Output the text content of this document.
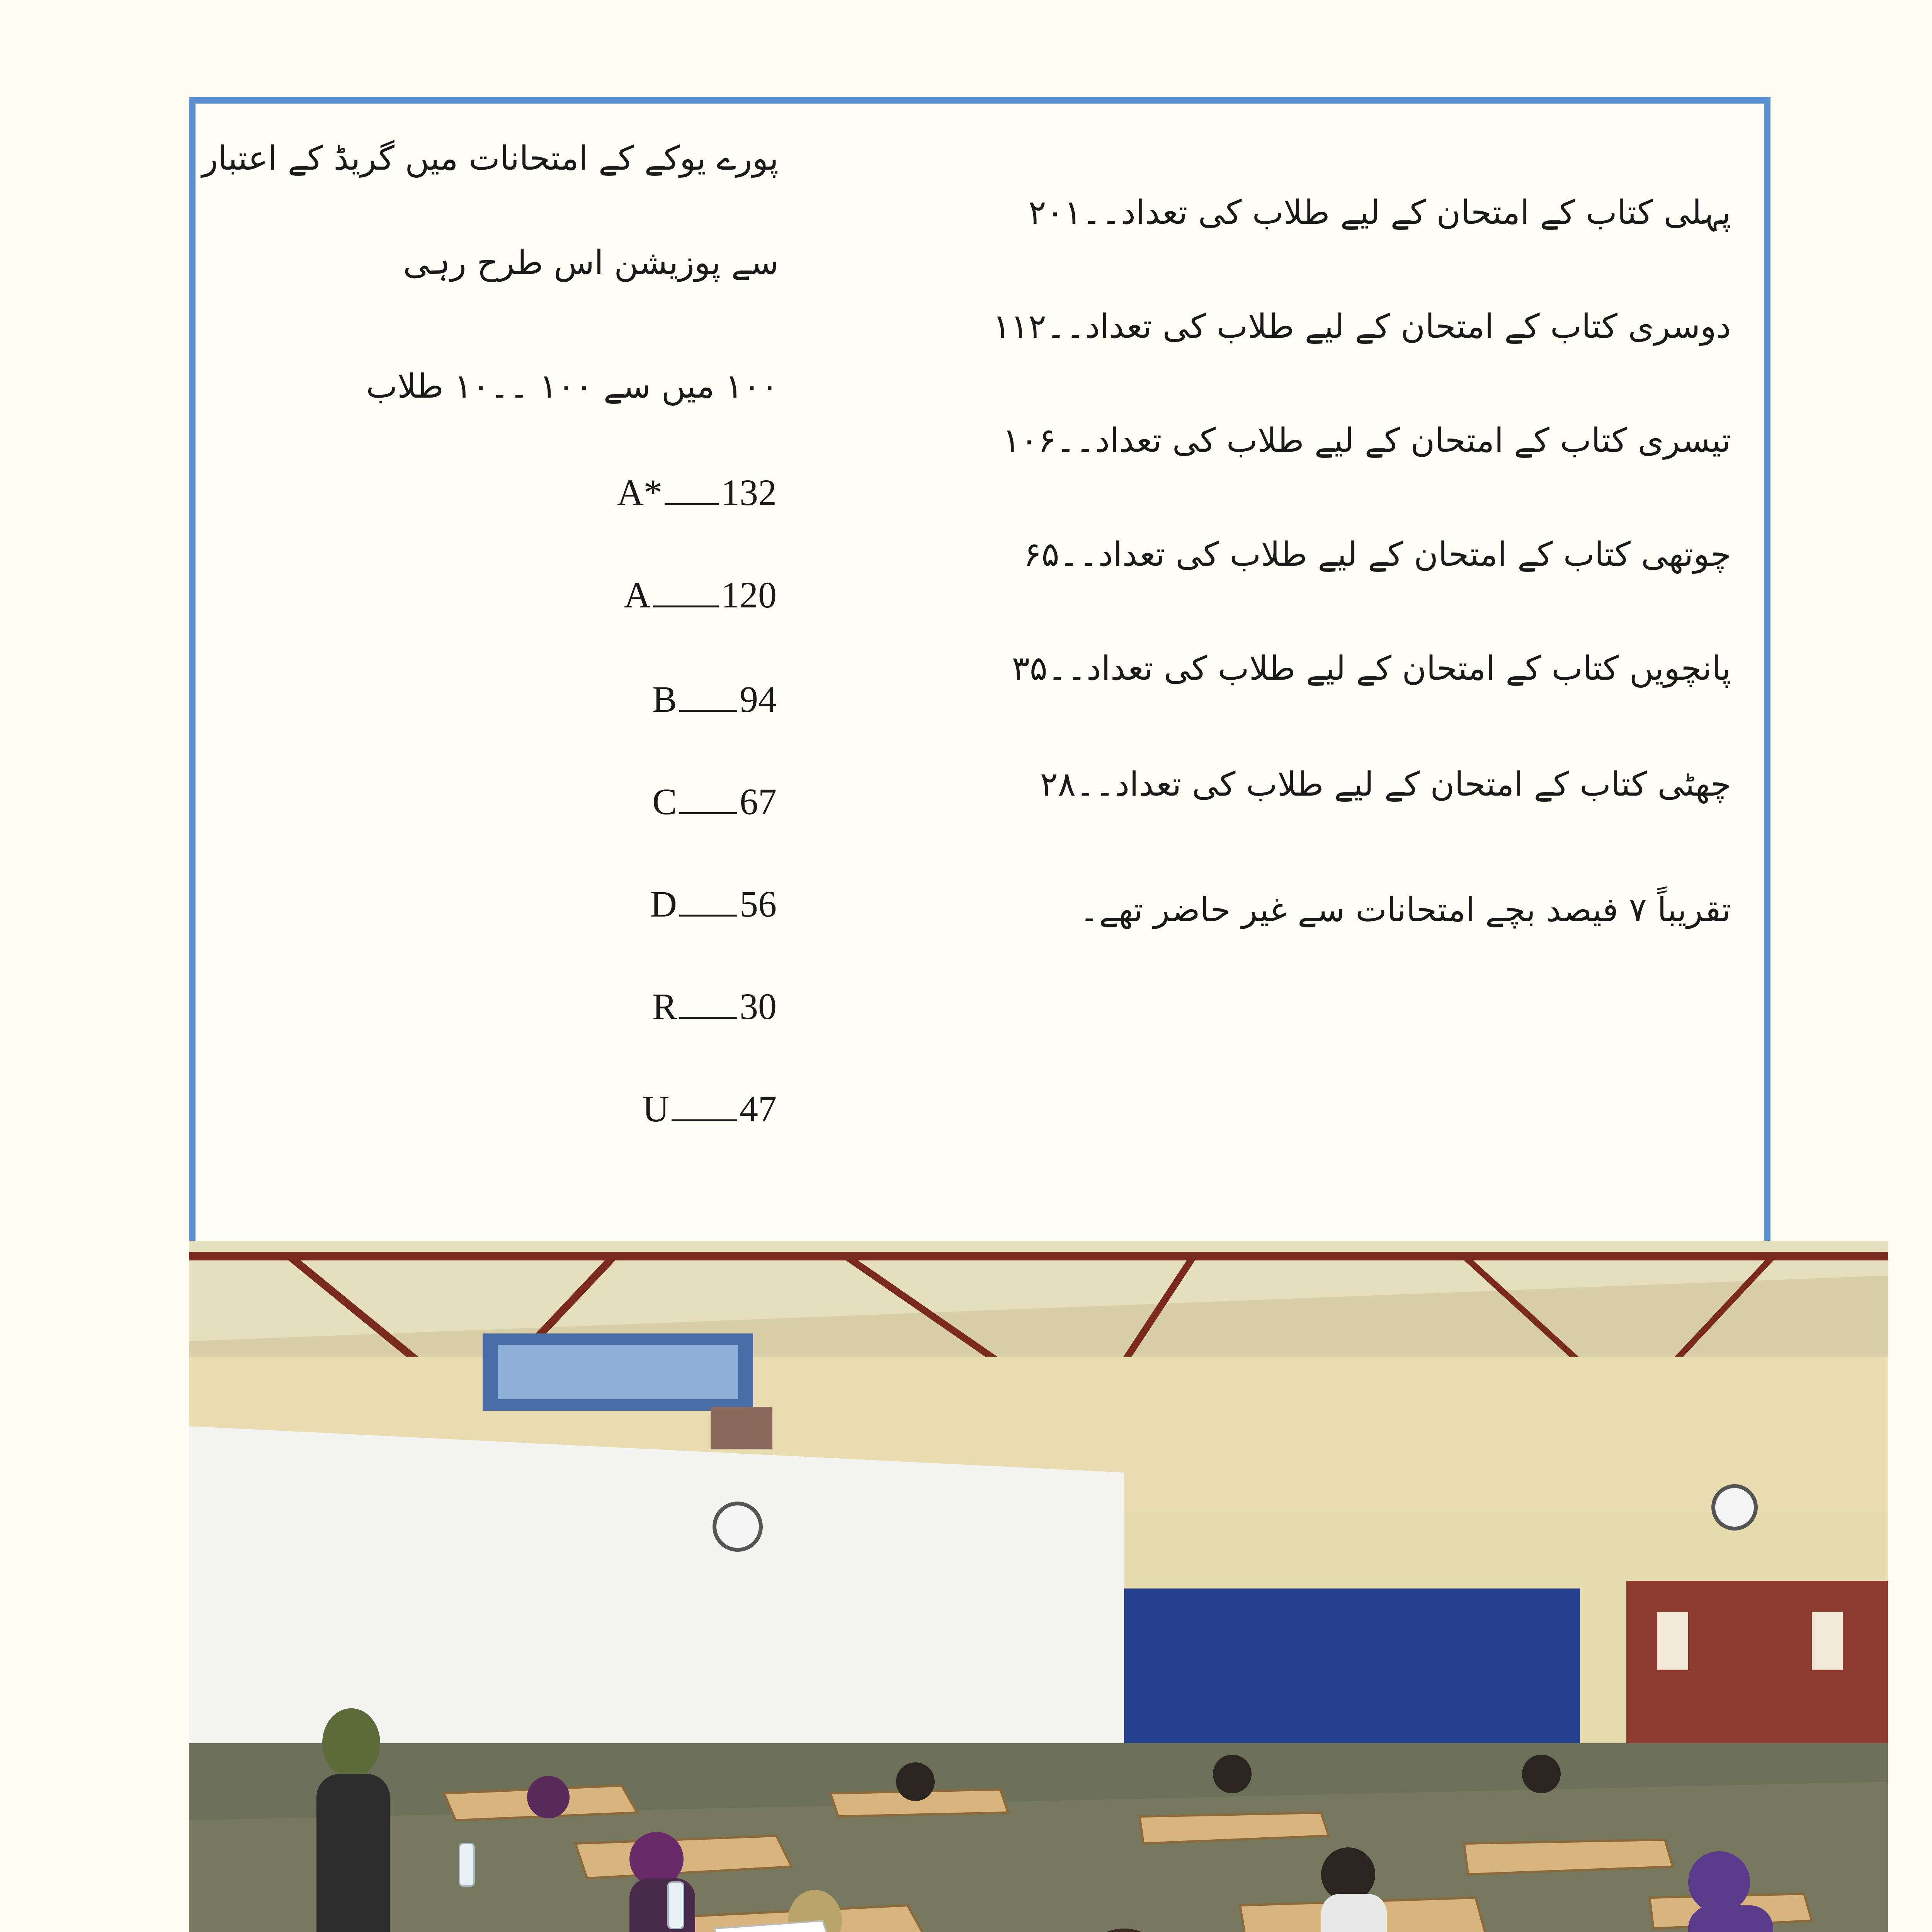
پہلی کتاب کے امتحان کے لیے طلاب کی تعداد۔۔۲۰۱
دوسری کتاب کے امتحان کے لیے طلاب کی تعداد۔۔۱۱۲
تیسری کتاب کے امتحان کے لیے طلاب کی تعداد۔۔۱۰۶
چوتھی کتاب کے امتحان کے لیے طلاب کی تعداد۔۔۶۵
پانچویں کتاب کے امتحان کے لیے طلاب کی تعداد۔۔۳۵
چھٹی کتاب کے امتحان کے لیے طلاب کی تعداد۔۔۲۸
تقریباً ۷ فیصد بچے امتحانات سے غیر حاضر تھے۔
پورے یوکے کے امتحانات میں گریڈ کے اعتبار
سے پوزیشن اس طرح رہی
۱۰۰ میں سے ۱۰۰ ۔۔۱۰ طلاب
A* 132
A 120
B 94
C 67
D 56
R 30
U 47
